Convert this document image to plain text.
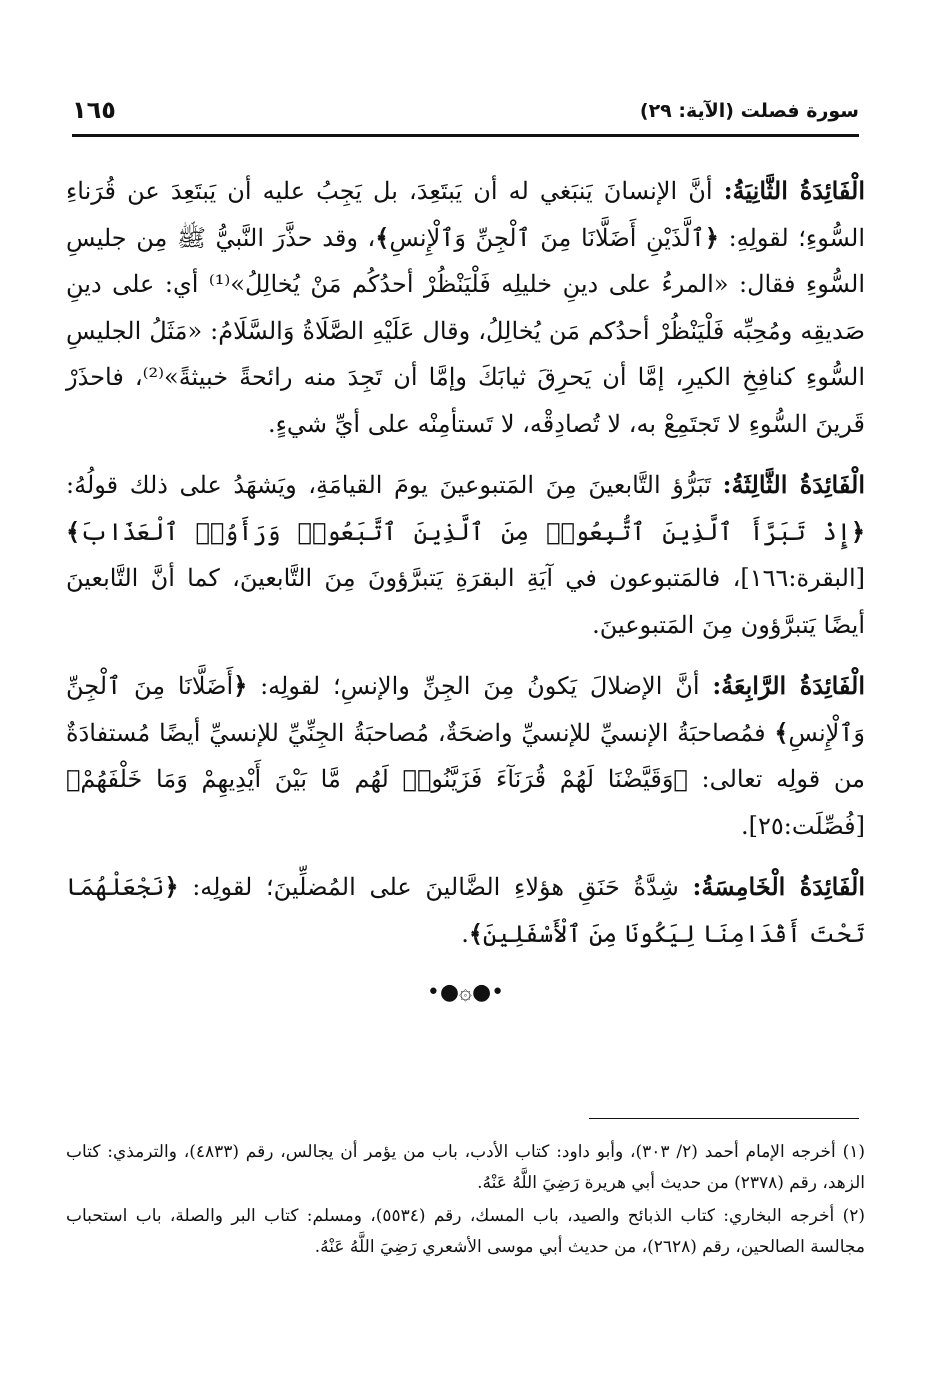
سورة فصلت (الآية: ٢٩)
١٦٥

الْفَائِدَةُ الثَّانِيَةُ: أنَّ الإنسانَ يَنبَغي له أن يَبتَعِدَ، بل يَجِبُ عليه أن يَبتَعِدَ عن قُرَناءِ السُّوءِ؛ لقولِهِ: ﴿ٱلَّذَيْنِ أَضَلَّانَا مِنَ ٱلْجِنِّ وَٱلْإِنسِ﴾، وقد حذَّرَ النَّبيُّ ﷺ مِن جليسِ السُّوءِ فقال: «المرءُ على دينِ خليلِه فَلْيَنْظُرْ أحدُكُم مَنْ يُخالِلُ»⁽¹⁾ أي: على دينِ صَديقِه ومُحِبِّه فَلْيَنْظُرْ أحدُكم مَن يُخالِلُ، وقال عَلَيْهِ الصَّلَاةُ وَالسَّلَامُ: «مَثَلُ الجليسِ السُّوءِ كنافِخِ الكيرِ، إمَّا أن يَحرِقَ ثيابَكَ وإمَّا أن تَجِدَ منه رائحةً خبيثةً»⁽²⁾، فاحذَرْ قَرينَ السُّوءِ لا تَجتَمِعْ به، لا تُصادِقْه، لا تَستأمِنْه على أيِّ شيءٍ.

الْفَائِدَةُ الثَّالِثَةُ: تَبَرُّؤ التَّابعينَ مِنَ المَتبوعينَ يومَ القيامَةِ، ويَشهَدُ على ذلك قولُهُ: ﴿إِذْ تَبَرَّأَ ٱلَّذِينَ ٱتُّبِعُوا۟ مِنَ ٱلَّذِينَ ٱتَّبَعُوا۟ وَرَأَوُا۟ ٱلْعَذَابَ﴾ [البقرة:١٦٦]، فالمَتبوعون في آيَةِ البقرَةِ يَتبرَّؤونَ مِنَ التَّابعينَ، كما أنَّ التَّابعينَ أيضًا يَتبرَّؤون مِنَ المَتبوعينَ.

الْفَائِدَةُ الرَّابِعَةُ: أنَّ الإضلالَ يَكونُ مِنَ الجِنِّ والإنسِ؛ لقولِه: ﴿أَضَلَّانَا مِنَ ٱلْجِنِّ وَٱلْإِنسِ﴾ فمُصاحبَةُ الإنسيِّ للإنسيِّ واضحَةٌ، مُصاحبَةُ الجِنِّيِّ للإنسيِّ أيضًا مُستفادَةٌ من قولِه تعالى: ﴿وَقَيَّضْنَا لَهُمْ قُرَنَآءَ فَزَيَّنُوا۟ لَهُم مَّا بَيْنَ أَيْدِيهِمْ وَمَا خَلْفَهُمْ﴾ [فُصِّلَت:٢٥].

الْفَائِدَةُ الْخَامِسَةُ: شِدَّةُ حَنَقِ هؤلاءِ الضَّالينَ على المُضلِّينَ؛ لقولِه: ﴿نَجْعَلْهُمَا تَحْتَ أَقْدَامِنَا لِيَكُونَا مِنَ ٱلْأَسْفَلِينَ﴾.

•●۞●•

(١) أخرجه الإمام أحمد (٢/ ٣٠٣)، وأبو داود: كتاب الأدب، باب من يؤمر أن يجالس، رقم (٤٨٣٣)، والترمذي: كتاب الزهد، رقم (٢٣٧٨) من حديث أبي هريرة رَضِيَ اللَّهُ عَنْهُ.

(٢) أخرجه البخاري: كتاب الذبائح والصيد، باب المسك، رقم (٥٥٣٤)، ومسلم: كتاب البر والصلة، باب استحباب مجالسة الصالحين، رقم (٢٦٢٨)، من حديث أبي موسى الأشعري رَضِيَ اللَّهُ عَنْهُ.
